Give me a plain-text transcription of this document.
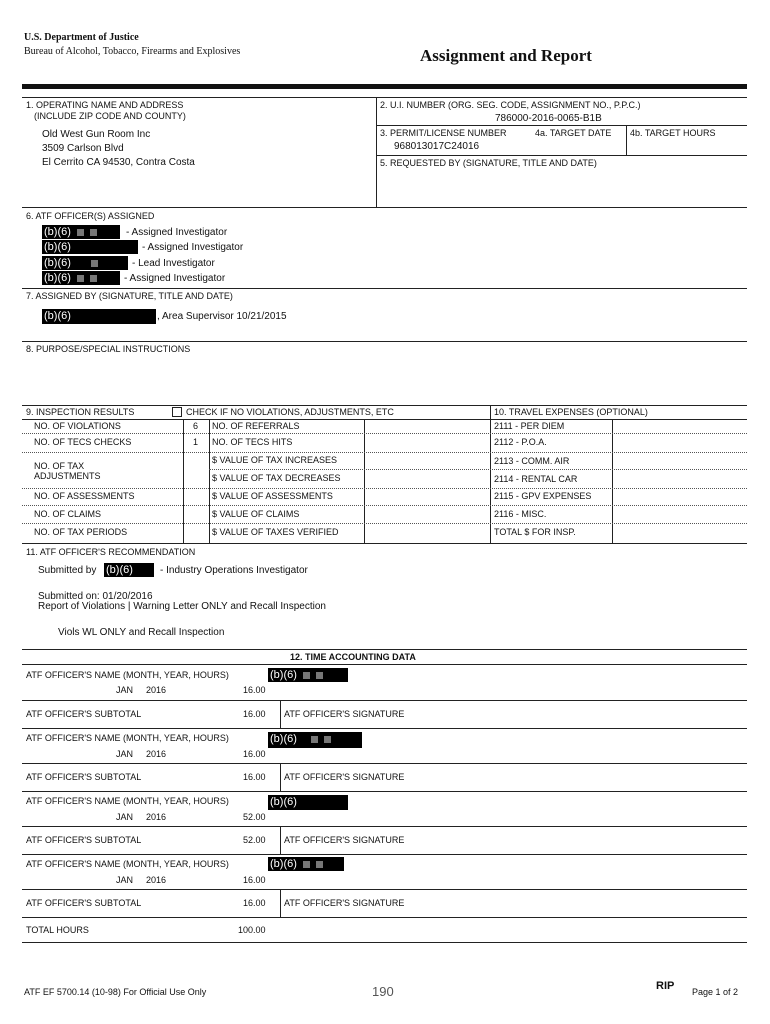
U.S. Department of Justice
Bureau of Alcohol, Tobacco, Firearms and Explosives	Assignment and Report
1. OPERATING NAME AND ADDRESS
(INCLUDE ZIP CODE AND COUNTY)
Old West Gun Room Inc
3509 Carlson Blvd
El Cerrito CA 94530, Contra Costa
2. U.I. NUMBER (ORG. SEG. CODE, ASSIGNMENT NO., P.P.C.)
786000-2016-0065-B1B
3. PERMIT/LICENSE NUMBER	4a. TARGET DATE 4b. TARGET HOURS
968013017C24016
5. REQUESTED BY (SIGNATURE, TITLE AND DATE)
6. ATF OFFICER(S) ASSIGNED
(b)(6)	- Assigned Investigator
(b)(6)	- Assigned Investigator
(b)(6)	- Lead Investigator
(b)(6)	- Assigned Investigator
7. ASSIGNED BY (SIGNATURE, TITLE AND DATE)
(b)(6)	, Area Supervisor 10/21/2015
8. PURPOSE/SPECIAL INSTRUCTIONS
9. INSPECTION RESULTS	CHECK IF NO VIOLATIONS, ADJUSTMENTS, ETC	10. TRAVEL EXPENSES (OPTIONAL)
NO. OF VIOLATIONS	6 NO. OF REFERRALS	2111 - PER DIEM
NO. OF TECS CHECKS	1 NO. OF TECS HITS	2112 - P.O.A.
NO. OF TAX
ADJUSTMENTS
$ VALUE OF TAX INCREASES	2113 - COMM. AIR
$ VALUE OF TAX DECREASES	2114 - RENTAL CAR
NO. OF ASSESSMENTS	$ VALUE OF ASSESSMENTS	2115 - GPV EXPENSES
NO. OF CLAIMS	$ VALUE OF CLAIMS	2116 - MISC.
NO. OF TAX PERIODS	$ VALUE OF TAXES VERIFIED	TOTAL $ FOR INSP.
11. ATF OFFICER'S RECOMMENDATION
Submitted by (b)(6)	- Industry Operations Investigator
Submitted on: 01/20/2016
Report of Violations | Warning Letter ONLY and Recall Inspection
Viols WL ONLY and Recall Inspection
12. TIME ACCOUNTING DATA
ATF OFFICER'S NAME (MONTH, YEAR, HOURS)	(b)(6)
JAN 2016	16.00
ATF OFFICER'S SUBTOTAL	16.00 ATF OFFICER'S SIGNATURE
ATF OFFICER'S NAME (MONTH, YEAR, HOURS)	(b)(6)
JAN 2016	16.00
ATF OFFICER'S SUBTOTAL	16.00 ATF OFFICER'S SIGNATURE
ATF OFFICER'S NAME (MONTH, YEAR, HOURS)	(b)(6)
JAN 2016	52.00
ATF OFFICER'S SUBTOTAL	52.00 ATF OFFICER'S SIGNATURE
ATF OFFICER'S NAME (MONTH, YEAR, HOURS)	(b)(6)
JAN 2016	16.00
ATF OFFICER'S SUBTOTAL	16.00 ATF OFFICER'S SIGNATURE
TOTAL HOURS	100.00
ATF EF 5700.14 (10-98) For Official Use Only	190	RIP Page 1 of 2
